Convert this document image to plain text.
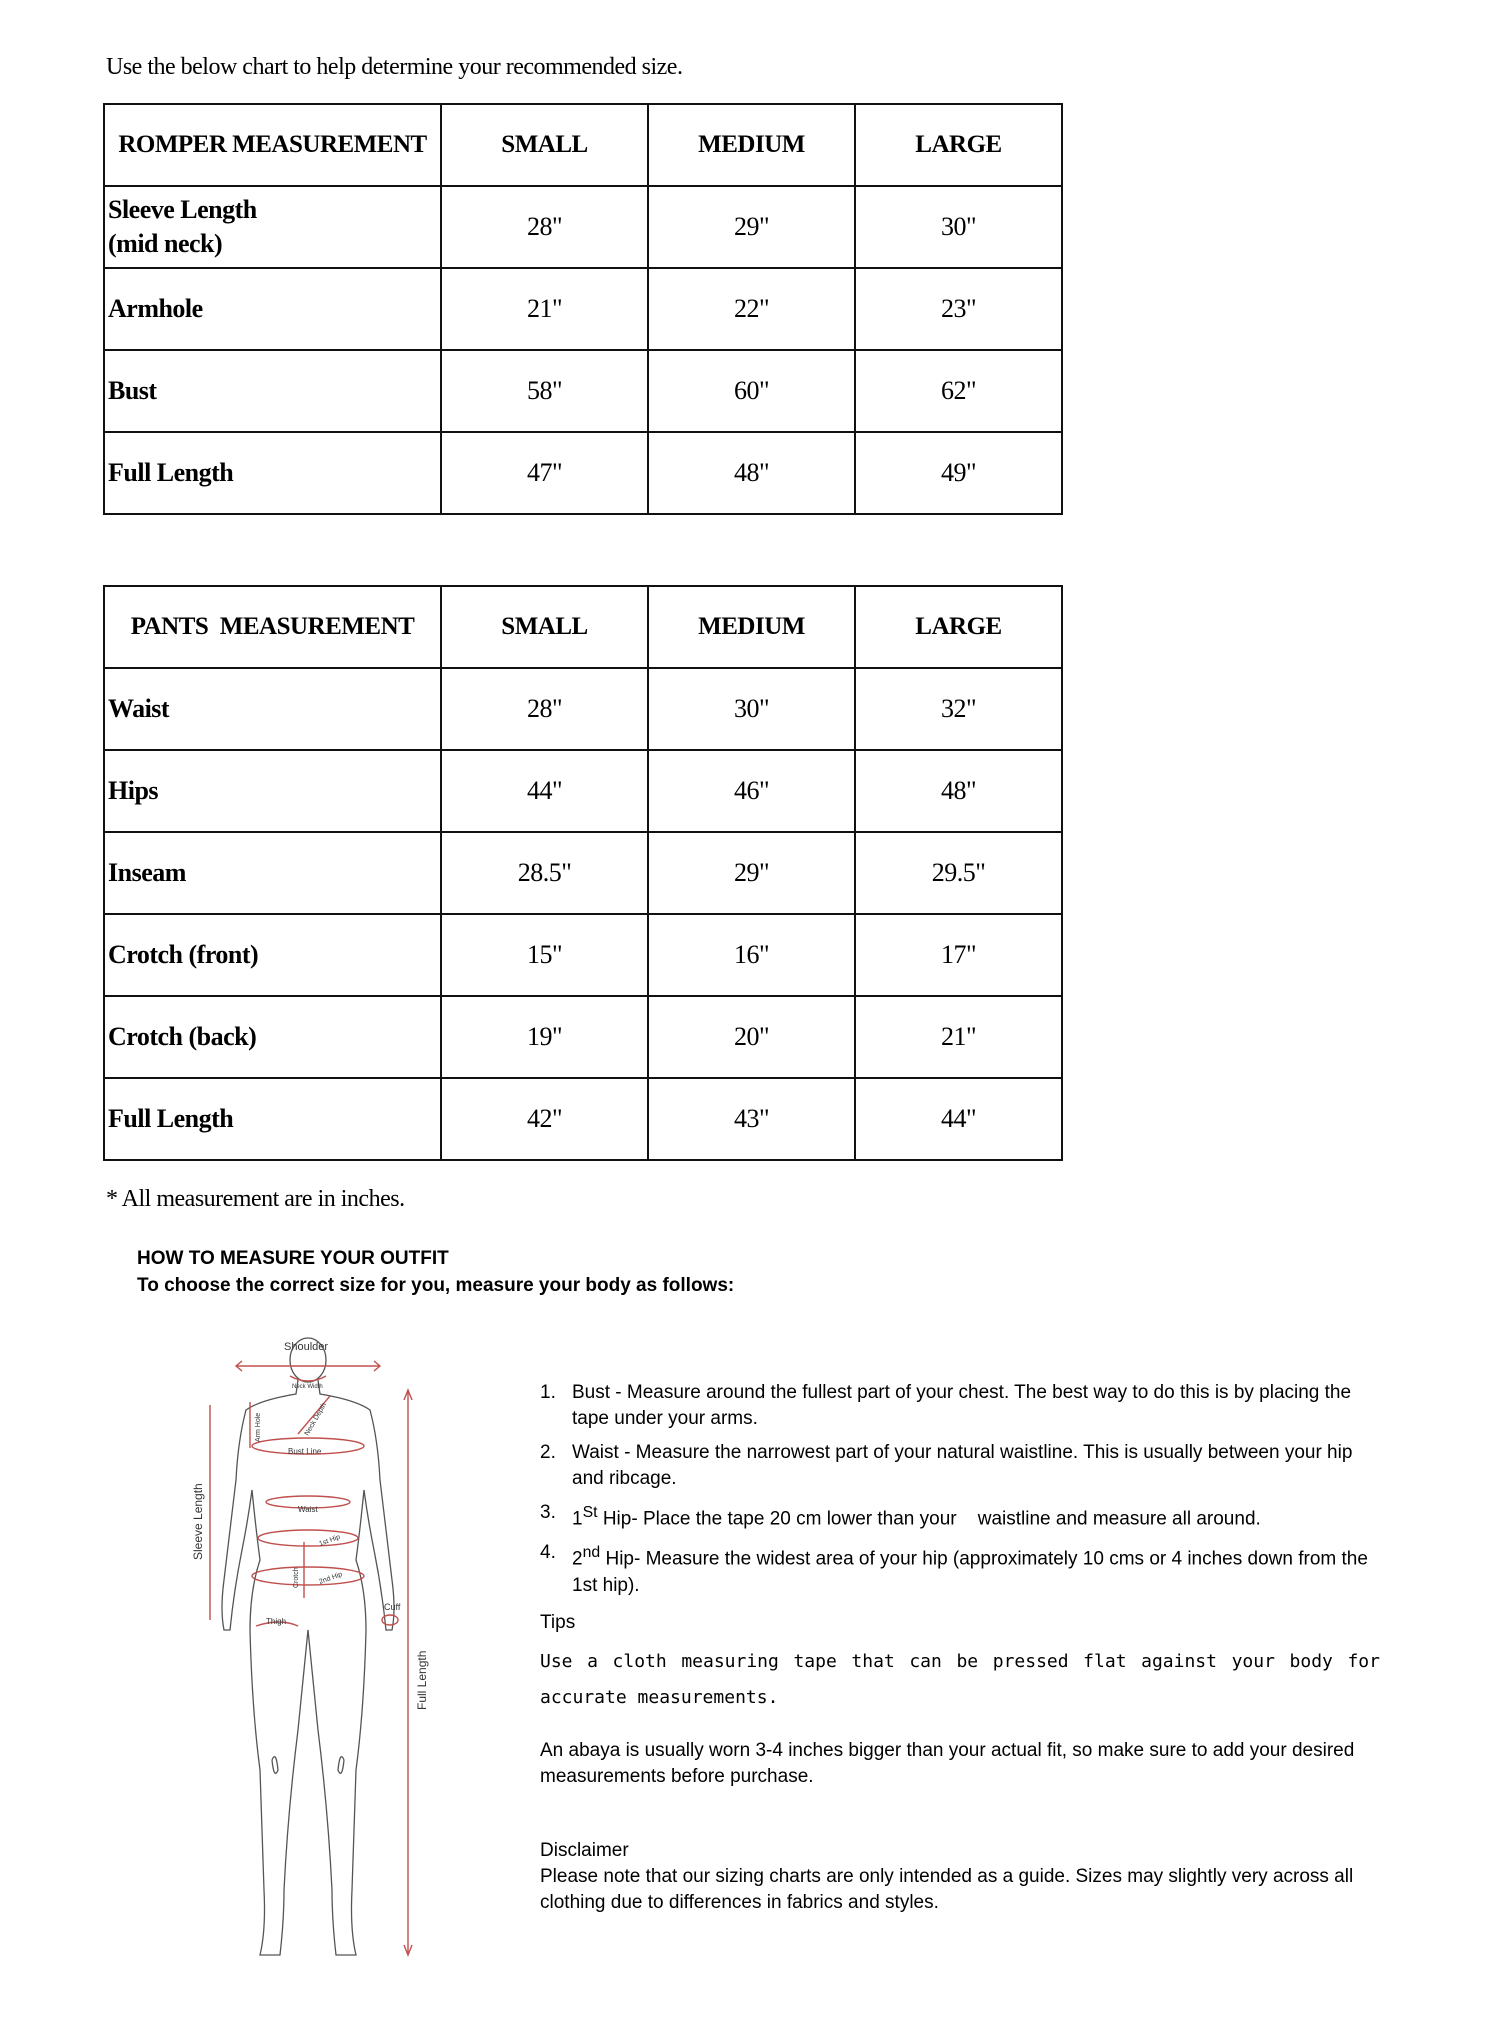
Use the below chart to help determine your recommended size.
ROMPER MEASUREMENT	SMALL	MEDIUM	LARGE
Sleeve Length
(mid neck)	28"	29"	30"
Armhole	21"	22"	23"
Bust	58"	60"	62"
Full Length	47"	48"	49"
PANTS  MEASUREMENT	SMALL	MEDIUM	LARGE
Waist	28"	30"	32"
Hips	44"	46"	48"
Inseam	28.5"	29"	29.5"
Crotch (front)	15"	16"	17"
Crotch (back)	19"	20"	21"
Full Length	42"	43"	44"
* All measurement are in inches.
HOW TO MEASURE YOUR OUTFIT
To choose the correct size for you, measure your body as follows:
Shoulder
Neck Width
Arm Hole	Neck Depth
Bust Line
Waist
1st Hip
2nd Hip
Crotch
Cuff
Thigh
Sleeve Length
Full Length
1. Bust - Measure around the fullest part of your chest. The best way to do this is by placing the tape under your arms.
2. Waist - Measure the narrowest part of your natural waistline. This is usually between your hip and ribcage.
3. 1St Hip- Place the tape 20 cm lower than your    waistline and measure all around.
4. 2nd Hip- Measure the widest area of your hip (approximately 10 cms or 4 inches down from the 1st hip).
Tips
Use a cloth measuring tape that can be pressed flat against your body for accurate measurements.
An abaya is usually worn 3-4 inches bigger than your actual fit, so make sure to add your desired measurements before purchase.
Disclaimer
Please note that our sizing charts are only intended as a guide. Sizes may slightly very across all clothing due to differences in fabrics and styles.
